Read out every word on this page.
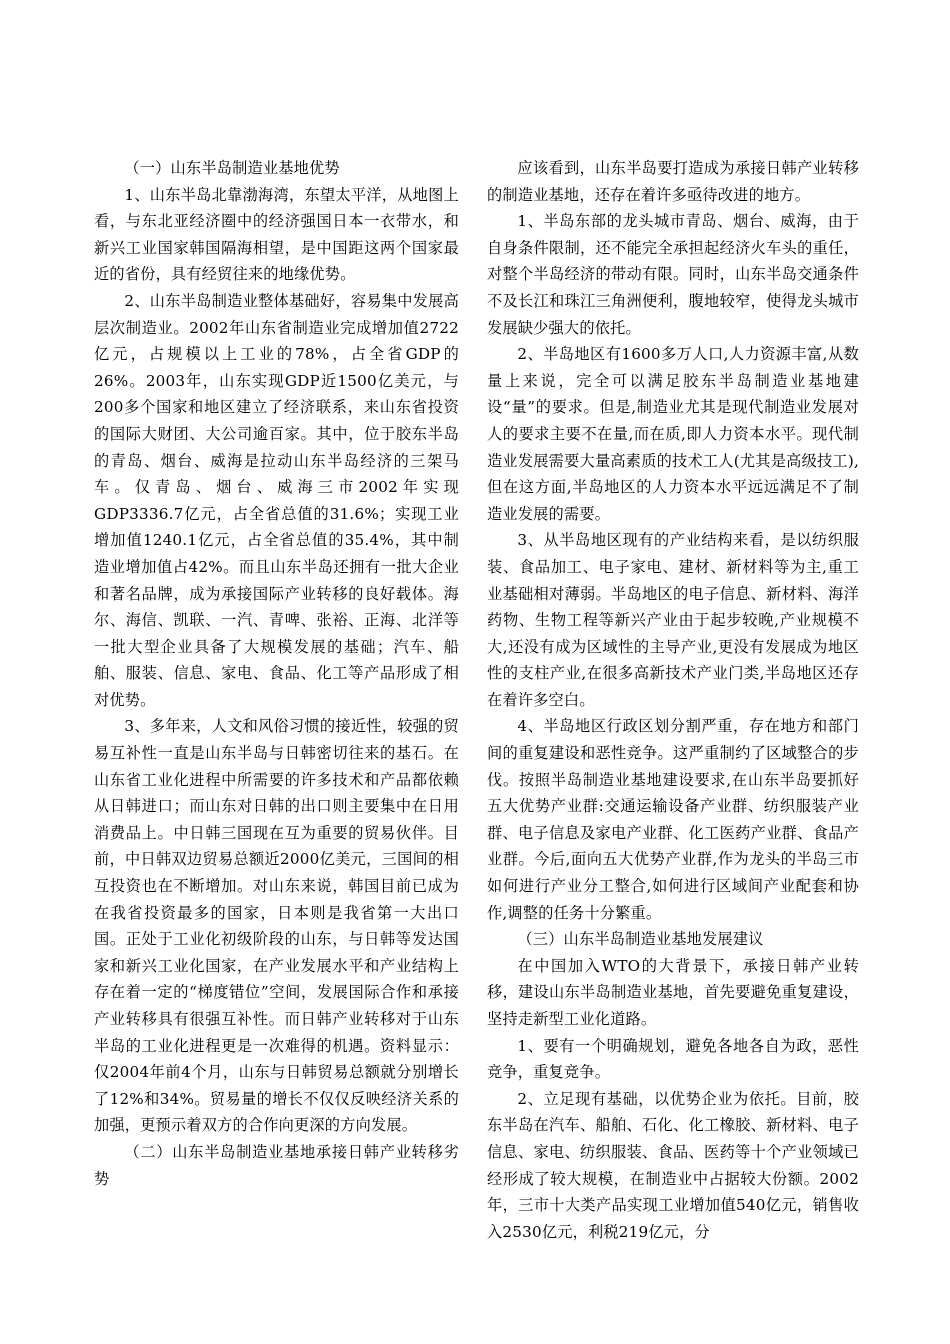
（一）山东半岛制造业基地优势

1、山东半岛北靠渤海湾，东望太平洋，从地图上看，与东北亚经济圈中的经济强国日本一衣带水，和新兴工业国家韩国隔海相望，是中国距这两个国家最近的省份，具有经贸往来的地缘优势。

2、山东半岛制造业整体基础好，容易集中发展高层次制造业。2002年山东省制造业完成增加值2722亿元，占规模以上工业的78%，占全省GDP的26%。2003年，山东实现GDP近1500亿美元，与200多个国家和地区建立了经济联系，来山东省投资的国际大财团、大公司逾百家。其中，位于胶东半岛的青岛、烟台、威海是拉动山东半岛经济的三架马车。仅青岛、烟台、威海三市2002年实现GDP3336.7亿元，占全省总值的31.6%；实现工业增加值1240.1亿元，占全省总值的35.4%，其中制造业增加值占42%。而且山东半岛还拥有一批大企业和著名品牌，成为承接国际产业转移的良好载体。海尔、海信、凯联、一汽、青啤、张裕、正海、北洋等一批大型企业具备了大规模发展的基础；汽车、船舶、服装、信息、家电、食品、化工等产品形成了相对优势。

3、多年来，人文和风俗习惯的接近性，较强的贸易互补性一直是山东半岛与日韩密切往来的基石。在山东省工业化进程中所需要的许多技术和产品都依赖从日韩进口；而山东对日韩的出口则主要集中在日用消费品上。中日韩三国现在互为重要的贸易伙伴。目前，中日韩双边贸易总额近2000亿美元，三国间的相互投资也在不断增加。对山东来说，韩国目前已成为在我省投资最多的国家，日本则是我省第一大出口国。正处于工业化初级阶段的山东，与日韩等发达国家和新兴工业化国家，在产业发展水平和产业结构上存在着一定的“梯度错位”空间，发展国际合作和承接产业转移具有很强互补性。而日韩产业转移对于山东半岛的工业化进程更是一次难得的机遇。资料显示：仅2004年前4个月，山东与日韩贸易总额就分别增长了12%和34%。贸易量的增长不仅仅反映经济关系的加强，更预示着双方的合作向更深的方向发展。

（二）山东半岛制造业基地承接日韩产业转移劣势

应该看到，山东半岛要打造成为承接日韩产业转移的制造业基地，还存在着许多亟待改进的地方。

1、半岛东部的龙头城市青岛、烟台、威海，由于自身条件限制，还不能完全承担起经济火车头的重任，对整个半岛经济的带动有限。同时，山东半岛交通条件不及长江和珠江三角洲便利，腹地较窄，使得龙头城市发展缺少强大的依托。

2、半岛地区有1600多万人口,人力资源丰富,从数量上来说，完全可以满足胶东半岛制造业基地建设“量”的要求。但是,制造业尤其是现代制造业发展对人的要求主要不在量,而在质,即人力资本水平。现代制造业发展需要大量高素质的技术工人(尤其是高级技工),但在这方面,半岛地区的人力资本水平远远满足不了制造业发展的需要。

3、从半岛地区现有的产业结构来看，是以纺织服装、食品加工、电子家电、建材、新材料等为主,重工业基础相对薄弱。半岛地区的电子信息、新材料、海洋药物、生物工程等新兴产业由于起步较晚,产业规模不大,还没有成为区域性的主导产业,更没有发展成为地区性的支柱产业,在很多高新技术产业门类,半岛地区还存在着许多空白。

4、半岛地区行政区划分割严重，存在地方和部门间的重复建设和恶性竞争。这严重制约了区域整合的步伐。按照半岛制造业基地建设要求,在山东半岛要抓好五大优势产业群:交通运输设备产业群、纺织服装产业群、电子信息及家电产业群、化工医药产业群、食品产业群。今后,面向五大优势产业群,作为龙头的半岛三市如何进行产业分工整合,如何进行区域间产业配套和协作,调整的任务十分繁重。

（三）山东半岛制造业基地发展建议

在中国加入WTO的大背景下，承接日韩产业转移，建设山东半岛制造业基地，首先要避免重复建设，坚持走新型工业化道路。

1、要有一个明确规划，避免各地各自为政，恶性竞争，重复竞争。

2、立足现有基础，以优势企业为依托。目前，胶东半岛在汽车、船舶、石化、化工橡胶、新材料、电子信息、家电、纺织服装、食品、医药等十个产业领域已经形成了较大规模，在制造业中占据较大份额。2002年，三市十大类产品实现工业增加值540亿元，销售收入2530亿元，利税219亿元，分
